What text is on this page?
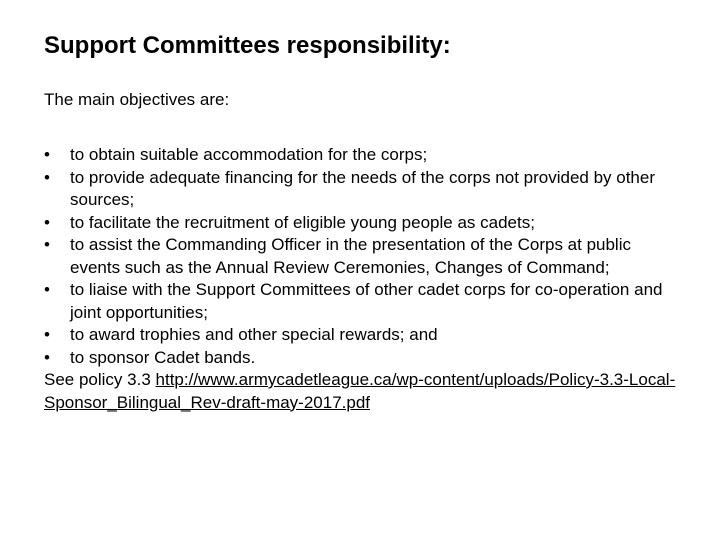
Support Committees responsibility:
The main objectives are:
•	to obtain suitable accommodation for the corps;
•	to provide adequate financing for the needs of the corps not provided by other sources;
•	to facilitate the recruitment of eligible young people as cadets;
•	to assist the Commanding Officer in the presentation of the Corps at public events such as the Annual Review Ceremonies, Changes of Command;
•	to liaise with the Support Committees of other cadet corps for co-operation and joint opportunities;
•	to award trophies and other special rewards; and
•	to sponsor Cadet bands.

See policy 3.3 http://www.armycadetleague.ca/wp-content/uploads/Policy-3.3-Local-Sponsor_Bilingual_Rev-draft-may-2017.pdf
